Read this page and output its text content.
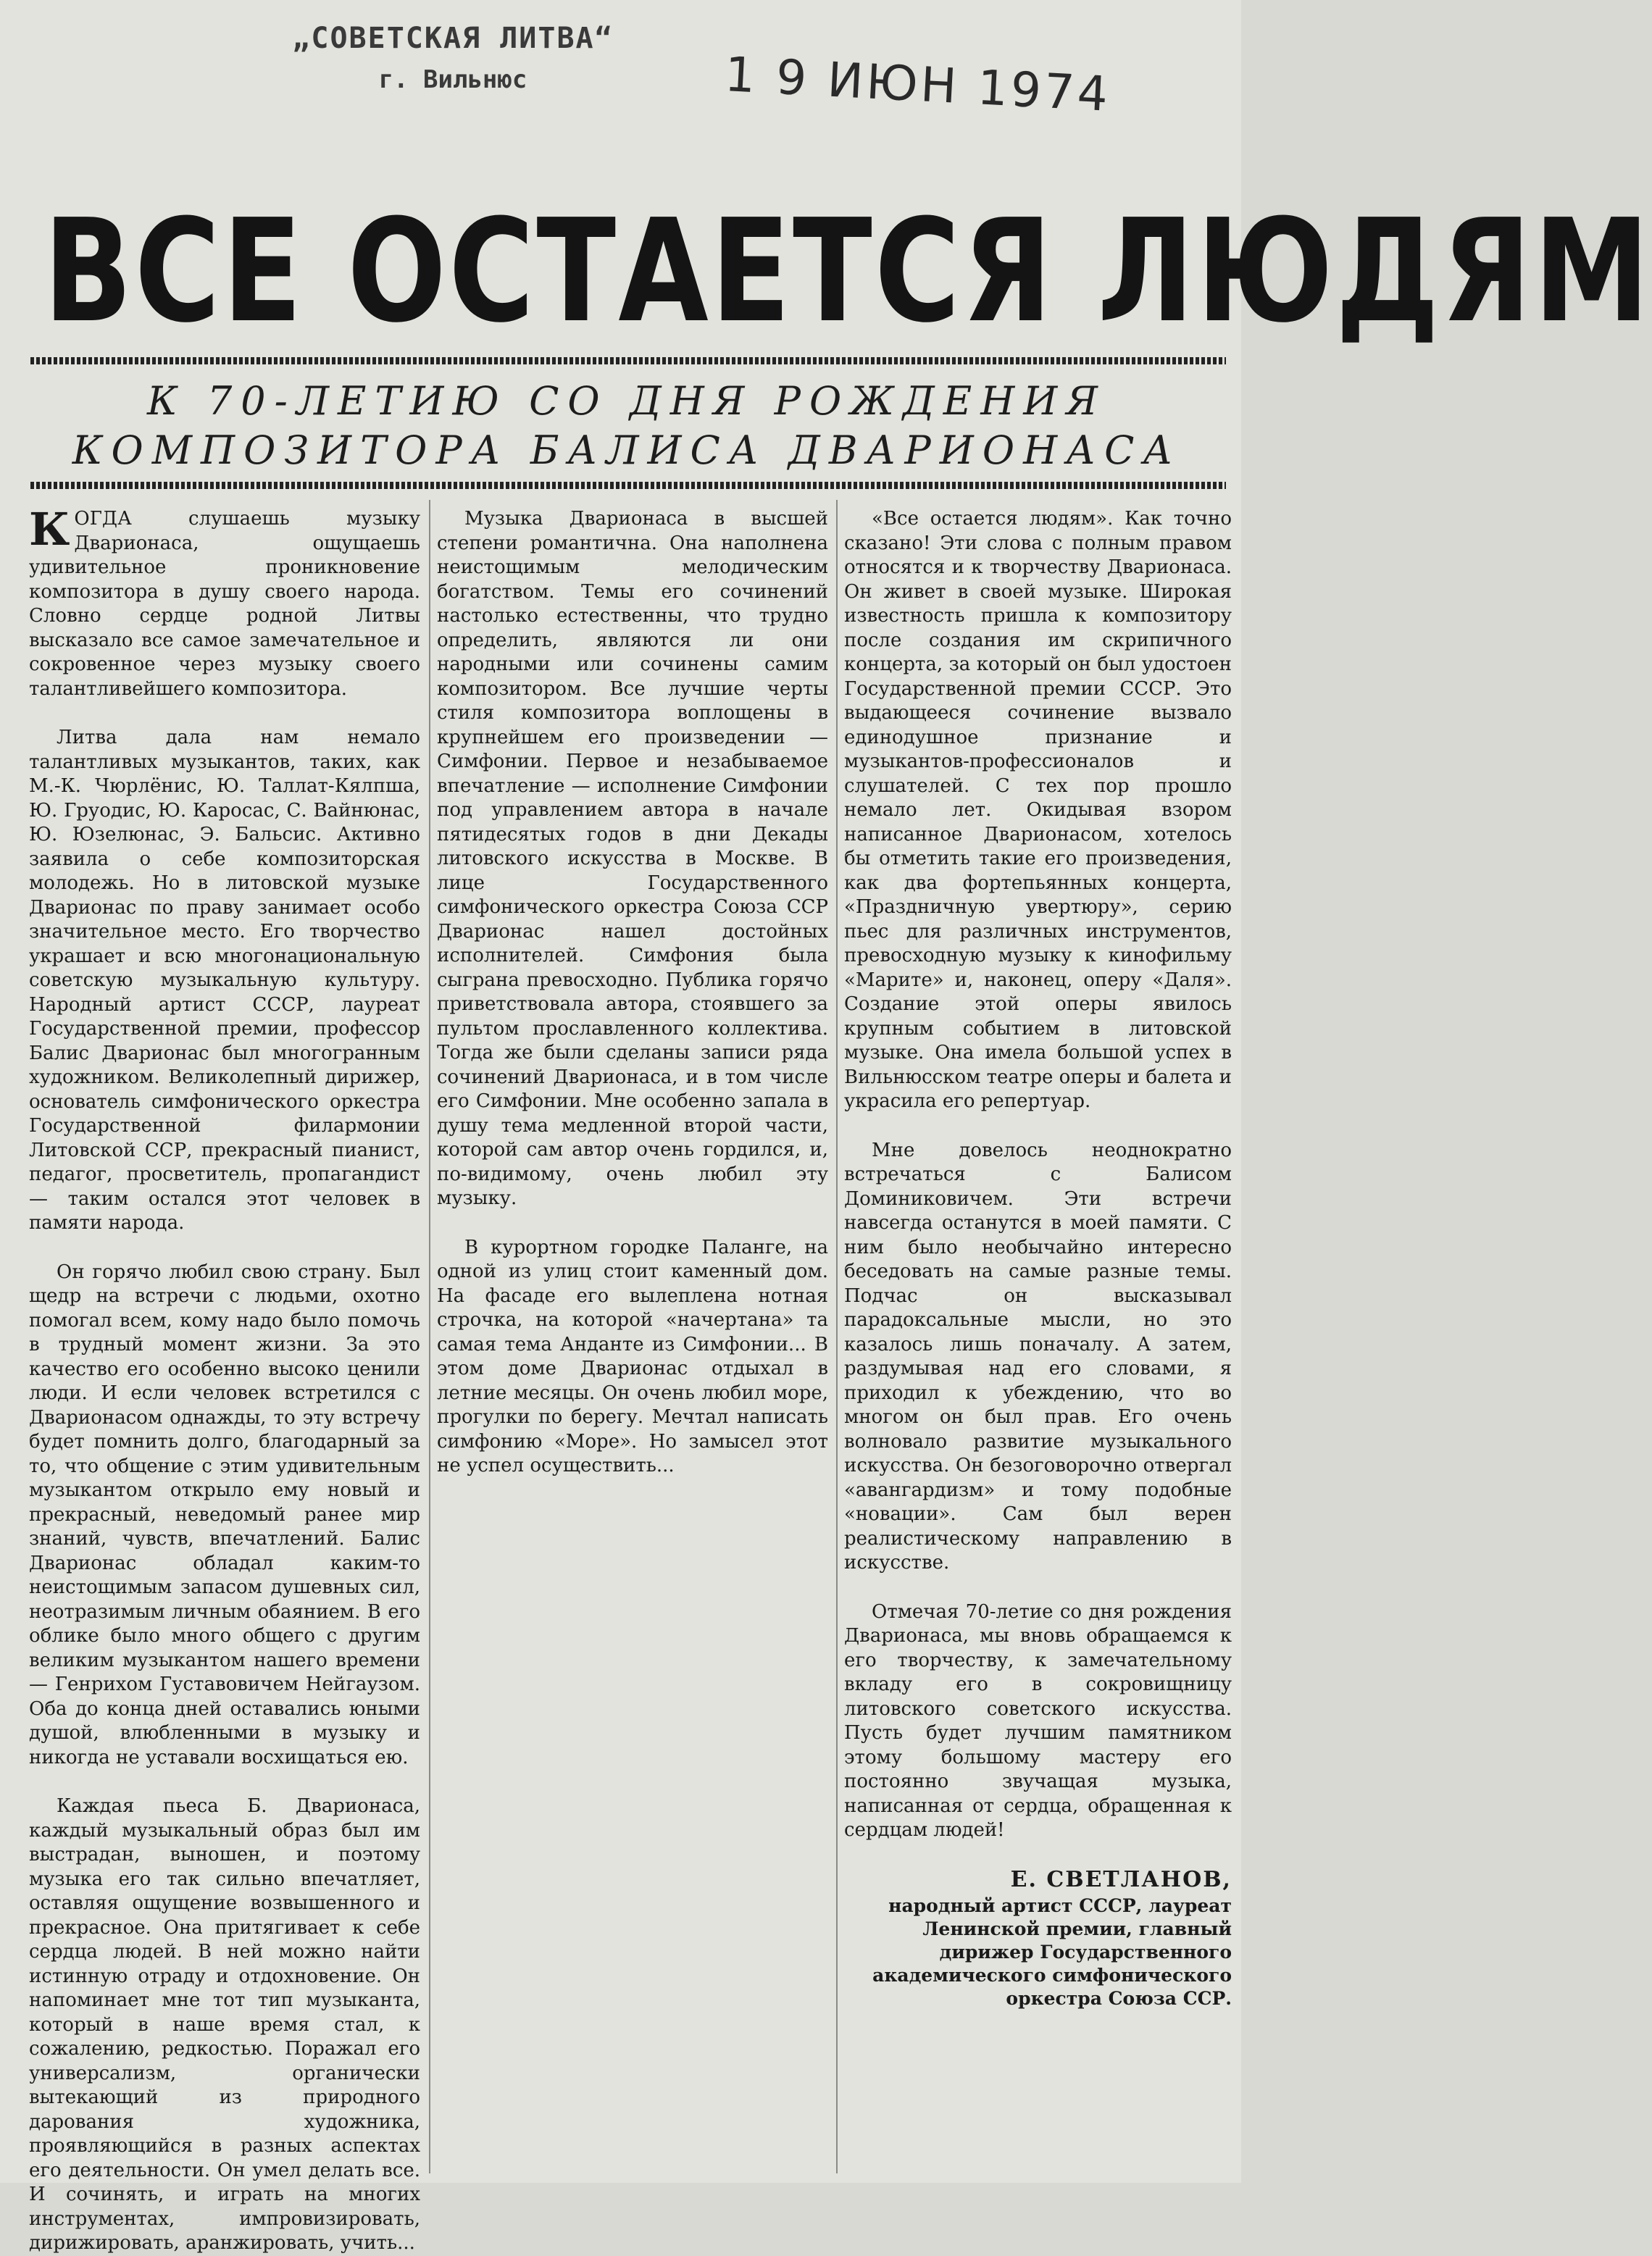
„СОВЕТСКАЯ ЛИТВА“
г. Вильнюс	1 9 ИЮН 1974
ВСЕ ОСТАЕТСЯ ЛЮДЯМ
К 70-ЛЕТИЮ СО ДНЯ РОЖДЕНИЯ
КОМПОЗИТОРА БАЛИСА ДВАРИОНАСА

КОГДА слушаешь музыку Дварионаса, ощущаешь удивительное проникновение композитора в душу своего народа. Словно сердце родной Литвы высказало все самое замечательное и сокровенное через музыку своего талантливейшего композитора.

Литва дала нам немало талантливых музыкантов, таких, как М.-К. Чюрлёнис, Ю. Таллат-Кялпша, Ю. Груодис, Ю. Каросас, С. Вайнюнас, Ю. Юзелюнас, Э. Бальсис. Активно заявила о себе композиторская молодежь. Но в литовской музыке Дварионас по праву занимает особо значительное место. Его творчество украшает и всю многонациональную советскую музыкальную культуру. Народный артист СССР, лауреат Государственной премии, профессор Балис Дварионас был многогранным художником. Великолепный дирижер, основатель симфонического оркестра Государственной филармонии Литовской ССР, прекрасный пианист, педагог, просветитель, пропагандист — таким остался этот человек в памяти народа.

Он горячо любил свою страну. Был щедр на встречи с людьми, охотно помогал всем, кому надо было помочь в трудный момент жизни. За это качество его особенно высоко ценили люди. И если человек встретился с Дварионасом однажды, то эту встречу будет помнить долго, благодарный за то, что общение с этим удивительным музыкантом открыло ему новый и прекрасный, неведомый ранее мир знаний, чувств, впечатлений. Балис Дварионас обладал каким-то неистощимым запасом душевных сил, неотразимым личным обаянием. В его облике было много общего с другим великим музыкантом нашего времени — Генрихом Густавовичем Нейгаузом. Оба до конца дней оставались юными душой, влюбленными в музыку и никогда не уставали восхищаться ею.

Каждая пьеса Б. Дварионаса, каждый музыкальный образ был им выстрадан, выношен, и поэтому музыка его так сильно впечатляет, оставляя ощущение возвышенного и прекрасное. Она притягивает к себе сердца людей. В ней можно найти истинную отраду и отдохновение. Он напоминает мне тот тип музыканта, который в наше время стал, к сожалению, редкостью. Поражал его универсализм, органически вытекающий из природного дарования художника, проявляющийся в разных аспектах его деятельности. Он умел делать все. И сочинять, и играть на многих инструментах, импровизировать, дирижировать, аранжировать, учить...

Музыка Дварионаса в высшей степени романтична. Она наполнена неистощимым мелодическим богатством. Темы его сочинений настолько естественны, что трудно определить, являются ли они народными или сочинены самим композитором. Все лучшие черты стиля композитора воплощены в крупнейшем его произведении — Симфонии. Первое и незабываемое впечатление — исполнение Симфонии под управлением автора в начале пятидесятых годов в дни Декады литовского искусства в Москве. В лице Государственного симфонического оркестра Союза ССР Дварионас нашел достойных исполнителей. Симфония была сыграна превосходно. Публика горячо приветствовала автора, стоявшего за пультом прославленного коллектива. Тогда же были сделаны записи ряда сочинений Дварионаса, и в том числе его Симфонии. Мне особенно запала в душу тема медленной второй части, которой сам автор очень гордился, и, по-видимому, очень любил эту музыку.

В курортном городке Паланге, на одной из улиц стоит каменный дом. На фасаде его вылеплена нотная строчка, на которой «начертана» та самая тема Анданте из Симфонии... В этом доме Дварионас отдыхал в летние месяцы. Он очень любил море, прогулки по берегу. Мечтал написать симфонию «Море». Но замысел этот не успел осуществить...

«Все остается людям». Как точно сказано! Эти слова с полным правом относятся и к творчеству Дварионаса. Он живет в своей музыке. Широкая известность пришла к композитору после создания им скрипичного концерта, за который он был удостоен Государственной премии СССР. Это выдающееся сочинение вызвало единодушное признание и музыкантов-профессионалов и слушателей. С тех пор прошло немало лет. Окидывая взором написанное Дварионасом, хотелось бы отметить такие его произведения, как два фортепьянных концерта, «Праздничную увертюру», серию пьес для различных инструментов, превосходную музыку к кинофильму «Марите» и, наконец, оперу «Даля». Создание этой оперы явилось крупным событием в литовской музыке. Она имела большой успех в Вильнюсском театре оперы и балета и украсила его репертуар.

Мне довелось неоднократно встречаться с Балисом Доминиковичем. Эти встречи навсегда останутся в моей памяти. С ним было необычайно интересно беседовать на самые разные темы. Подчас он высказывал парадоксальные мысли, но это казалось лишь поначалу. А затем, раздумывая над его словами, я приходил к убеждению, что во многом он был прав. Его очень волновало развитие музыкального искусства. Он безоговорочно отвергал «авангардизм» и тому подобные «новации». Сам был верен реалистическому направлению в искусстве.

Отмечая 70-летие со дня рождения Дварионаса, мы вновь обращаемся к его творчеству, к замечательному вкладу его в сокровищницу литовского советского искусства. Пусть будет лучшим памятником этому большому мастеру его постоянно звучащая музыка, написанная от сердца, обращенная к сердцам людей!

Е. СВЕТЛАНОВ,
народный артист СССР, лауреат Ленинской премии, главный дирижер Государственного академического симфонического оркестра Союза ССР.
